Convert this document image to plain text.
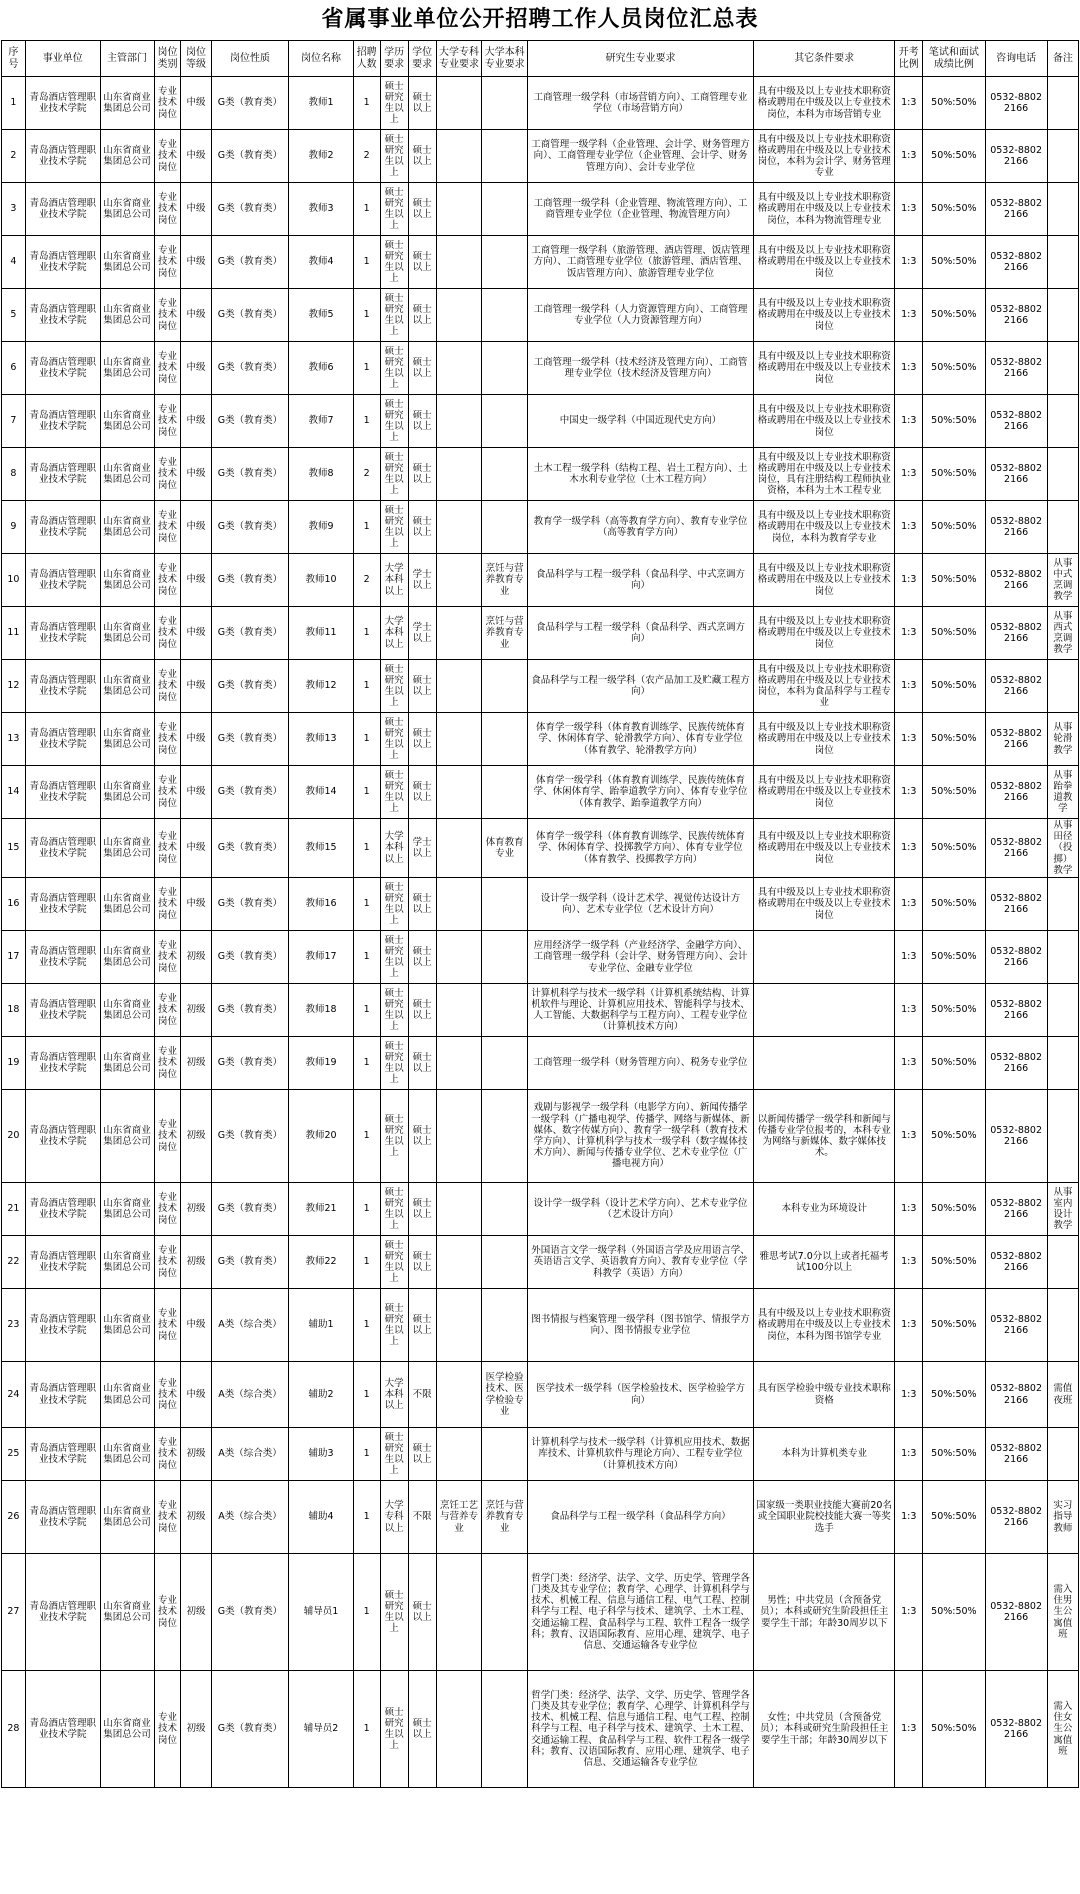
省属事业单位公开招聘工作人员岗位汇总表
序号	事业单位	主管部门	岗位类别	岗位等级	岗位性质	岗位名称	招聘人数	学历要求	学位要求	大学专科专业要求	大学本科专业要求	研究生专业要求	其它条件要求	开考比例	笔试和面试成绩比例	咨询电话	备注
1	青岛酒店管理职业技术学院	山东省商业集团总公司	专业技术岗位	中级	G类（教育类）	教师1	1	硕士研究生以上	硕士以上			工商管理一级学科（市场营销方向）、工商管理专业学位（市场营销方向）	具有中级及以上专业技术职称资格或聘用在中级及以上专业技术岗位，本科为市场营销专业	1:3	50%:50%	0532-88022166	
2	青岛酒店管理职业技术学院	山东省商业集团总公司	专业技术岗位	中级	G类（教育类）	教师2	2	硕士研究生以上	硕士以上			工商管理一级学科（企业管理、会计学、财务管理方向）、工商管理专业学位（企业管理、会计学、财务管理方向）、会计专业学位	具有中级及以上专业技术职称资格或聘用在中级及以上专业技术岗位，本科为会计学、财务管理专业	1:3	50%:50%	0532-88022166	
3	青岛酒店管理职业技术学院	山东省商业集团总公司	专业技术岗位	中级	G类（教育类）	教师3	1	硕士研究生以上	硕士以上			工商管理一级学科（企业管理、物流管理方向）、工商管理专业学位（企业管理、物流管理方向）	具有中级及以上专业技术职称资格或聘用在中级及以上专业技术岗位，本科为物流管理专业	1:3	50%:50%	0532-88022166	
4	青岛酒店管理职业技术学院	山东省商业集团总公司	专业技术岗位	中级	G类（教育类）	教师4	1	硕士研究生以上	硕士以上			工商管理一级学科（旅游管理、酒店管理、饭店管理方向）、工商管理专业学位（旅游管理、酒店管理、饭店管理方向）、旅游管理专业学位	具有中级及以上专业技术职称资格或聘用在中级及以上专业技术岗位	1:3	50%:50%	0532-88022166	
5	青岛酒店管理职业技术学院	山东省商业集团总公司	专业技术岗位	中级	G类（教育类）	教师5	1	硕士研究生以上	硕士以上			工商管理一级学科（人力资源管理方向）、工商管理专业学位（人力资源管理方向）	具有中级及以上专业技术职称资格或聘用在中级及以上专业技术岗位	1:3	50%:50%	0532-88022166	
6	青岛酒店管理职业技术学院	山东省商业集团总公司	专业技术岗位	中级	G类（教育类）	教师6	1	硕士研究生以上	硕士以上			工商管理一级学科（技术经济及管理方向）、工商管理专业学位（技术经济及管理方向）	具有中级及以上专业技术职称资格或聘用在中级及以上专业技术岗位	1:3	50%:50%	0532-88022166	
7	青岛酒店管理职业技术学院	山东省商业集团总公司	专业技术岗位	中级	G类（教育类）	教师7	1	硕士研究生以上	硕士以上			中国史一级学科（中国近现代史方向）	具有中级及以上专业技术职称资格或聘用在中级及以上专业技术岗位	1:3	50%:50%	0532-88022166	
8	青岛酒店管理职业技术学院	山东省商业集团总公司	专业技术岗位	中级	G类（教育类）	教师8	2	硕士研究生以上	硕士以上			土木工程一级学科（结构工程、岩土工程方向）、土木水利专业学位（土木工程方向）	具有中级及以上专业技术职称资格或聘用在中级及以上专业技术岗位，具有注册结构工程师执业资格，本科为土木工程专业	1:3	50%:50%	0532-88022166	
9	青岛酒店管理职业技术学院	山东省商业集团总公司	专业技术岗位	中级	G类（教育类）	教师9	1	硕士研究生以上	硕士以上			教育学一级学科（高等教育学方向）、教育专业学位（高等教育学方向）	具有中级及以上专业技术职称资格或聘用在中级及以上专业技术岗位，本科为教育学专业	1:3	50%:50%	0532-88022166	
10	青岛酒店管理职业技术学院	山东省商业集团总公司	专业技术岗位	中级	G类（教育类）	教师10	2	大学本科以上	学士以上		烹饪与营养教育专业	食品科学与工程一级学科（食品科学、中式烹调方向）	具有中级及以上专业技术职称资格或聘用在中级及以上专业技术岗位	1:3	50%:50%	0532-88022166	从事中式烹调教学
11	青岛酒店管理职业技术学院	山东省商业集团总公司	专业技术岗位	中级	G类（教育类）	教师11	1	大学本科以上	学士以上		烹饪与营养教育专业	食品科学与工程一级学科（食品科学、西式烹调方向）	具有中级及以上专业技术职称资格或聘用在中级及以上专业技术岗位	1:3	50%:50%	0532-88022166	从事西式烹调教学
12	青岛酒店管理职业技术学院	山东省商业集团总公司	专业技术岗位	中级	G类（教育类）	教师12	1	硕士研究生以上	硕士以上			食品科学与工程一级学科（农产品加工及贮藏工程方向）	具有中级及以上专业技术职称资格或聘用在中级及以上专业技术岗位，本科为食品科学与工程专业	1:3	50%:50%	0532-88022166	
13	青岛酒店管理职业技术学院	山东省商业集团总公司	专业技术岗位	中级	G类（教育类）	教师13	1	硕士研究生以上	硕士以上			体育学一级学科（体育教育训练学、民族传统体育学、休闲体育学、轮滑教学方向）、体育专业学位（体育教学、轮滑教学方向）	具有中级及以上专业技术职称资格或聘用在中级及以上专业技术岗位	1:3	50%:50%	0532-88022166	从事轮滑教学
14	青岛酒店管理职业技术学院	山东省商业集团总公司	专业技术岗位	中级	G类（教育类）	教师14	1	硕士研究生以上	硕士以上			体育学一级学科（体育教育训练学、民族传统体育学、休闲体育学、跆拳道教学方向）、体育专业学位（体育教学、跆拳道教学方向）	具有中级及以上专业技术职称资格或聘用在中级及以上专业技术岗位	1:3	50%:50%	0532-88022166	从事跆拳道教学
15	青岛酒店管理职业技术学院	山东省商业集团总公司	专业技术岗位	中级	G类（教育类）	教师15	1	大学本科以上	学士以上		体育教育专业	体育学一级学科（体育教育训练学、民族传统体育学、休闲体育学、投掷教学方向）、体育专业学位（体育教学、投掷教学方向）	具有中级及以上专业技术职称资格或聘用在中级及以上专业技术岗位	1:3	50%:50%	0532-88022166	从事田径（投掷）教学
16	青岛酒店管理职业技术学院	山东省商业集团总公司	专业技术岗位	中级	G类（教育类）	教师16	1	硕士研究生以上	硕士以上			设计学一级学科（设计艺术学、视觉传达设计方向）、艺术专业学位（艺术设计方向）	具有中级及以上专业技术职称资格或聘用在中级及以上专业技术岗位	1:3	50%:50%	0532-88022166	
17	青岛酒店管理职业技术学院	山东省商业集团总公司	专业技术岗位	初级	G类（教育类）	教师17	1	硕士研究生以上	硕士以上			应用经济学一级学科（产业经济学、金融学方向）、工商管理一级学科（会计学、财务管理方向）、会计专业学位、金融专业学位		1:3	50%:50%	0532-88022166	
18	青岛酒店管理职业技术学院	山东省商业集团总公司	专业技术岗位	初级	G类（教育类）	教师18	1	硕士研究生以上	硕士以上			计算机科学与技术一级学科（计算机系统结构、计算机软件与理论、计算机应用技术、智能科学与技术、人工智能、大数据科学与工程方向）、工程专业学位（计算机技术方向）		1:3	50%:50%	0532-88022166	
19	青岛酒店管理职业技术学院	山东省商业集团总公司	专业技术岗位	初级	G类（教育类）	教师19	1	硕士研究生以上	硕士以上			工商管理一级学科（财务管理方向）、税务专业学位		1:3	50%:50%	0532-88022166	
20	青岛酒店管理职业技术学院	山东省商业集团总公司	专业技术岗位	初级	G类（教育类）	教师20	1	硕士研究生以上	硕士以上			戏剧与影视学一级学科（电影学方向）、新闻传播学一级学科（广播电视学、传播学、网络与新媒体、新媒体、数字传媒方向）、教育学一级学科（教育技术学方向）、计算机科学与技术一级学科（数字媒体技术方向）、新闻与传播专业学位、艺术专业学位（广播电视方向）	以新闻传播学一级学科和新闻与传播专业学位报考的，本科专业为网络与新媒体、数字媒体技术。	1:3	50%:50%	0532-88022166	
21	青岛酒店管理职业技术学院	山东省商业集团总公司	专业技术岗位	初级	G类（教育类）	教师21	1	硕士研究生以上	硕士以上			设计学一级学科（设计艺术学方向）、艺术专业学位（艺术设计方向）	本科专业为环境设计	1:3	50%:50%	0532-88022166	从事室内设计教学
22	青岛酒店管理职业技术学院	山东省商业集团总公司	专业技术岗位	初级	G类（教育类）	教师22	1	硕士研究生以上	硕士以上			外国语言文学一级学科（外国语言学及应用语言学、英语语言文学、英语教育方向）、教育专业学位（学科教学（英语）方向）	雅思考试7.0分以上或者托福考试100分以上	1:3	50%:50%	0532-88022166	
23	青岛酒店管理职业技术学院	山东省商业集团总公司	专业技术岗位	中级	A类（综合类）	辅助1	1	硕士研究生以上	硕士以上			图书情报与档案管理一级学科（图书馆学、情报学方向）、图书情报专业学位	具有中级及以上专业技术职称资格或聘用在中级及以上专业技术岗位，本科为图书馆学专业	1:3	50%:50%	0532-88022166	
24	青岛酒店管理职业技术学院	山东省商业集团总公司	专业技术岗位	中级	A类（综合类）	辅助2	1	大学本科以上	不限		医学检验技术、医学检验专业	医学技术一级学科（医学检验技术、医学检验学方向）	具有医学检验中级专业技术职称资格	1:3	50%:50%	0532-88022166	需值夜班
25	青岛酒店管理职业技术学院	山东省商业集团总公司	专业技术岗位	初级	A类（综合类）	辅助3	1	硕士研究生以上	硕士以上			计算机科学与技术一级学科（计算机应用技术、数据库技术、计算机软件与理论方向）、工程专业学位（计算机技术方向）	本科为计算机类专业	1:3	50%:50%	0532-88022166	
26	青岛酒店管理职业技术学院	山东省商业集团总公司	专业技术岗位	初级	A类（综合类）	辅助4	1	大学专科以上	不限	烹饪工艺与营养专业	烹饪与营养教育专业	食品科学与工程一级学科（食品科学方向）	国家级一类职业技能大赛前20名或全国职业院校技能大赛一等奖选手	1:3	50%:50%	0532-88022166	实习指导教师
27	青岛酒店管理职业技术学院	山东省商业集团总公司	专业技术岗位	初级	G类（教育类）	辅导员1	1	硕士研究生以上	硕士以上			哲学门类：经济学、法学、文学、历史学、管理学各门类及其专业学位；教育学、心理学、计算机科学与技术、机械工程、信息与通信工程、电气工程、控制科学与工程、电子科学与技术、建筑学、土木工程、交通运输工程、食品科学与工程、软件工程各一级学科；教育、汉语国际教育、应用心理、建筑学、电子信息、交通运输各专业学位	男性；中共党员（含预备党员）；本科或研究生阶段担任主要学生干部；年龄30周岁以下	1:3	50%:50%	0532-88022166	需入住男生公寓值班
28	青岛酒店管理职业技术学院	山东省商业集团总公司	专业技术岗位	初级	G类（教育类）	辅导员2	1	硕士研究生以上	硕士以上			哲学门类：经济学、法学、文学、历史学、管理学各门类及其专业学位；教育学、心理学、计算机科学与技术、机械工程、信息与通信工程、电气工程、控制科学与工程、电子科学与技术、建筑学、土木工程、交通运输工程、食品科学与工程、软件工程各一级学科；教育、汉语国际教育、应用心理、建筑学、电子信息、交通运输各专业学位	女性；中共党员（含预备党员）；本科或研究生阶段担任主要学生干部；年龄30周岁以下	1:3	50%:50%	0532-88022166	需入住女生公寓值班
